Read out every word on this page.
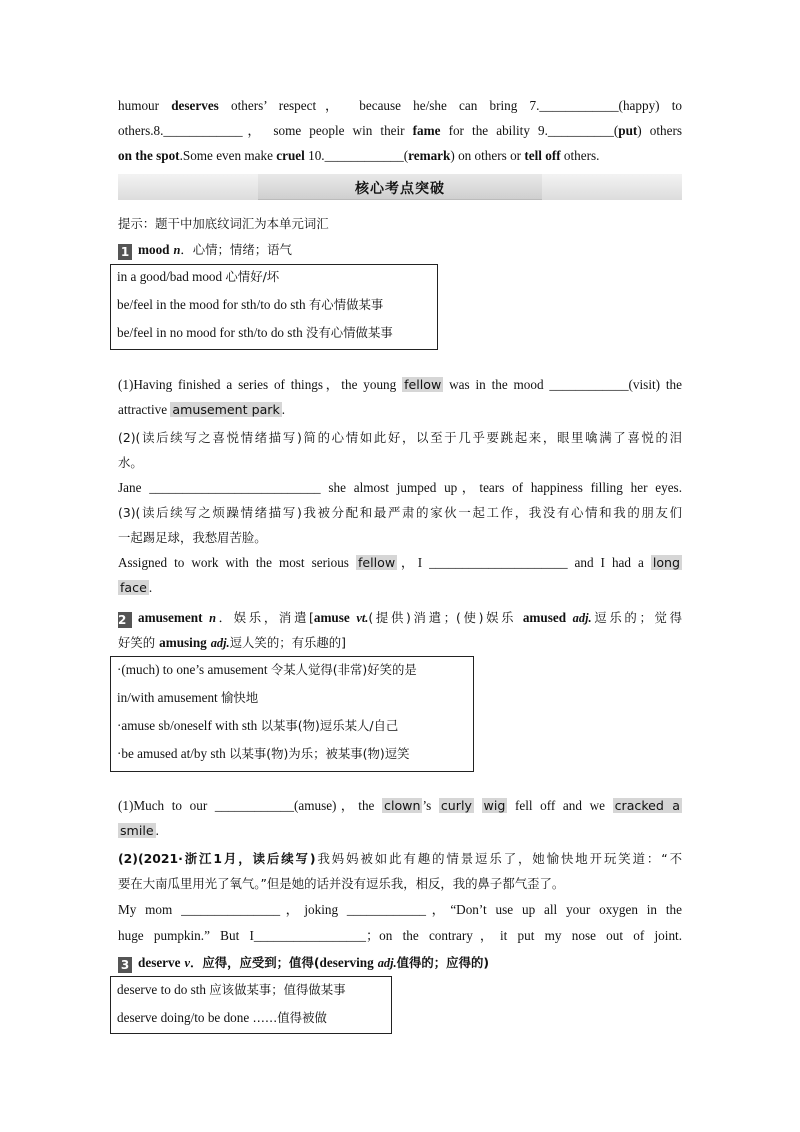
humour deserves others’ respect， because he/she can bring 7.____________(happy) to
others.8.____________， some people win their fame for the ability 9.__________(put) others
on the spot.Some even make cruel 10.____________(remark) on others or tell off others.
核心考点突破
提示：题干中加底纹词汇为本单元词汇
1 mood n．心情；情绪；语气
in a good/bad mood 心情好/坏
be/feel in the mood for sth/to do sth 有心情做某事
be/feel in no mood for sth/to do sth 没有心情做某事
(1)Having finished a series of things，the young fellow was in the mood ____________(visit) the
attractive amusement park .
(2)(读后续写之喜悦情绪描写)简的心情如此好，以至于几乎要跳起来，眼里噙满了喜悦的泪
水。
Jane __________________________ she almost jumped up，tears of happiness filling her eyes.
(3)(读后续写之烦躁情绪描写)我被分配和最严肃的家伙一起工作，我没有心情和我的朋友们
一起踢足球，我愁眉苦脸。
Assigned to work with the most serious fellow ，I _____________________ and I had a long
face .
2 amusement n．娱乐，消遣[amuse vt.(提供)消遣；(使)娱乐 amused adj.逗乐的；觉得
好笑的 amusing adj.逗人笑的；有乐趣的]
·(much) to one’s amusement 令某人觉得(非常)好笑的是
in/with amusement 愉快地
·amuse sb/oneself with sth 以某事(物)逗乐某人/自己
·be amused at/by sth 以某事(物)为乐；被某事(物)逗笑
(1)Much to our ____________(amuse)，the clown ’s curly wig fell off and we cracked a
smile .
(2)(2021·浙江1月，读后续写)我妈妈被如此有趣的情景逗乐了，她愉快地开玩笑道：“不
要在大南瓜里用光了氧气。”但是她的话并没有逗乐我，相反，我的鼻子都气歪了。
My mom _______________，joking ____________，“Don’t use up all your oxygen in the
huge pumpkin.” But I_________________；on the contrary，it put my nose out of joint.
3 deserve v．应得，应受到；值得(deserving adj.值得的；应得的)
deserve to do sth 应该做某事；值得做某事
deserve doing/to be done ……值得被做
